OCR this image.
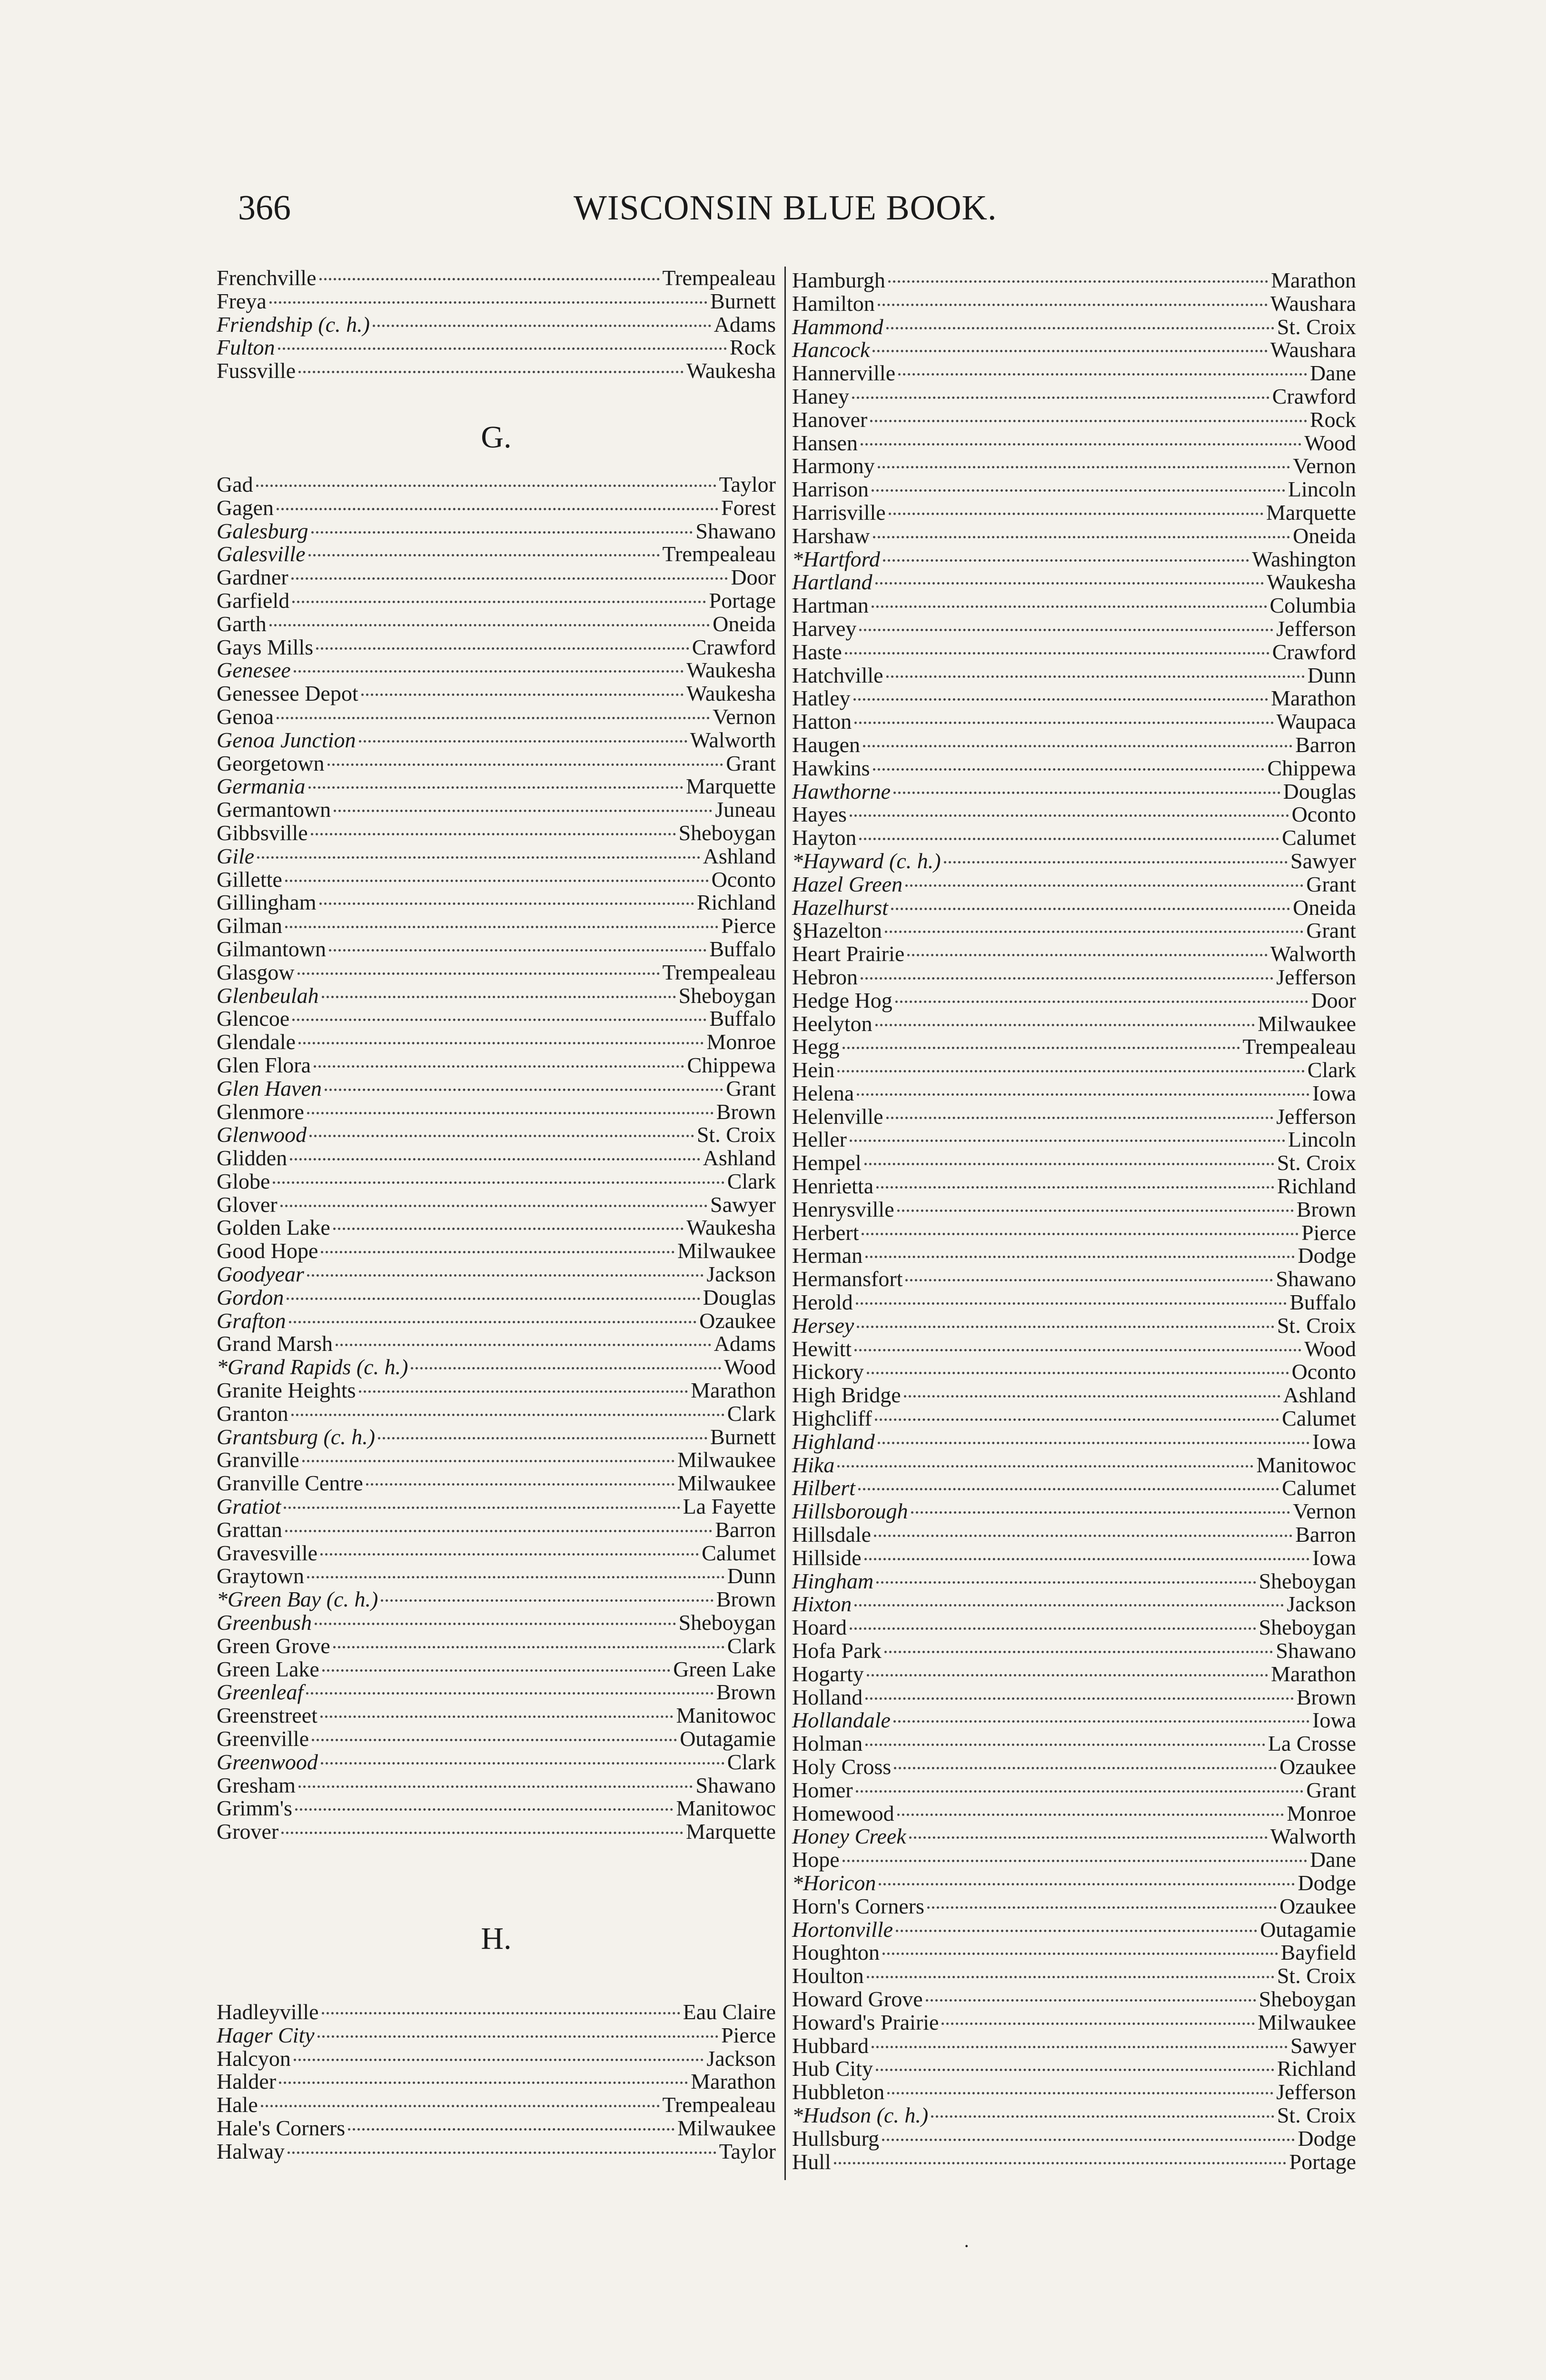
366	WISCONSIN BLUE BOOK.
Frenchville	Trempealeau
Freya	Burnett
Friendship (c. h.)	Adams
Fulton	Rock
Fussville	Waukesha
G.
Gad	Taylor
Gagen	Forest
Galesburg	Shawano
Galesville	Trempealeau
Gardner	Door
Garfield	Portage
Garth	Oneida
Gays Mills	Crawford
Genesee	Waukesha
Genessee Depot	Waukesha
Genoa	Vernon
Genoa Junction	Walworth
Georgetown	Grant
Germania	Marquette
Germantown	Juneau
Gibbsville	Sheboygan
Gile	Ashland
Gillette	Oconto
Gillingham	Richland
Gilman	Pierce
Gilmantown	Buffalo
Glasgow	Trempealeau
Glenbeulah	Sheboygan
Glencoe	Buffalo
Glendale	Monroe
Glen Flora	Chippewa
Glen Haven	Grant
Glenmore	Brown
Glenwood	St. Croix
Glidden	Ashland
Globe	Clark
Glover	Sawyer
Golden Lake	Waukesha
Good Hope	Milwaukee
Goodyear	Jackson
Gordon	Douglas
Grafton	Ozaukee
Grand Marsh	Adams
*Grand Rapids (c. h.)	Wood
Granite Heights	Marathon
Granton	Clark
Grantsburg (c. h.)	Burnett
Granville	Milwaukee
Granville Centre	Milwaukee
Gratiot	La Fayette
Grattan	Barron
Gravesville	Calumet
Graytown	Dunn
*Green Bay (c. h.)	Brown
Greenbush	Sheboygan
Green Grove	Clark
Green Lake	Green Lake
Greenleaf	Brown
Greenstreet	Manitowoc
Greenville	Outagamie
Greenwood	Clark
Gresham	Shawano
Grimm's	Manitowoc
Grover	Marquette
H.
Hadleyville	Eau Claire
Hager City	Pierce
Halcyon	Jackson
Halder	Marathon
Hale	Trempealeau
Hale's Corners	Milwaukee
Halway	Taylor
Hamburgh	Marathon
Hamilton	Waushara
Hammond	St. Croix
Hancock	Waushara
Hannerville	Dane
Haney	Crawford
Hanover	Rock
Hansen	Wood
Harmony	Vernon
Harrison	Lincoln
Harrisville	Marquette
Harshaw	Oneida
*Hartford	Washington
Hartland	Waukesha
Hartman	Columbia
Harvey	Jefferson
Haste	Crawford
Hatchville	Dunn
Hatley	Marathon
Hatton	Waupaca
Haugen	Barron
Hawkins	Chippewa
Hawthorne	Douglas
Hayes	Oconto
Hayton	Calumet
*Hayward (c. h.)	Sawyer
Hazel Green	Grant
Hazelhurst	Oneida
§Hazelton	Grant
Heart Prairie	Walworth
Hebron	Jefferson
Hedge Hog	Door
Heelyton	Milwaukee
Hegg	Trempealeau
Hein	Clark
Helena	Iowa
Helenville	Jefferson
Heller	Lincoln
Hempel	St. Croix
Henrietta	Richland
Henrysville	Brown
Herbert	Pierce
Herman	Dodge
Hermansfort	Shawano
Herold	Buffalo
Hersey	St. Croix
Hewitt	Wood
Hickory	Oconto
High Bridge	Ashland
Highcliff	Calumet
Highland	Iowa
Hika	Manitowoc
Hilbert	Calumet
Hillsborough	Vernon
Hillsdale	Barron
Hillside	Iowa
Hingham	Sheboygan
Hixton	Jackson
Hoard	Sheboygan
Hofa Park	Shawano
Hogarty	Marathon
Holland	Brown
Hollandale	Iowa
Holman	La Crosse
Holy Cross	Ozaukee
Homer	Grant
Homewood	Monroe
Honey Creek	Walworth
Hope	Dane
*Horicon	Dodge
Horn's Corners	Ozaukee
Hortonville	Outagamie
Houghton	Bayfield
Houlton	St. Croix
Howard Grove	Sheboygan
Howard's Prairie	Milwaukee
Hubbard	Sawyer
Hub City	Richland
Hubbleton	Jefferson
*Hudson (c. h.)	St. Croix
Hullsburg	Dodge
Hull	Portage
·
